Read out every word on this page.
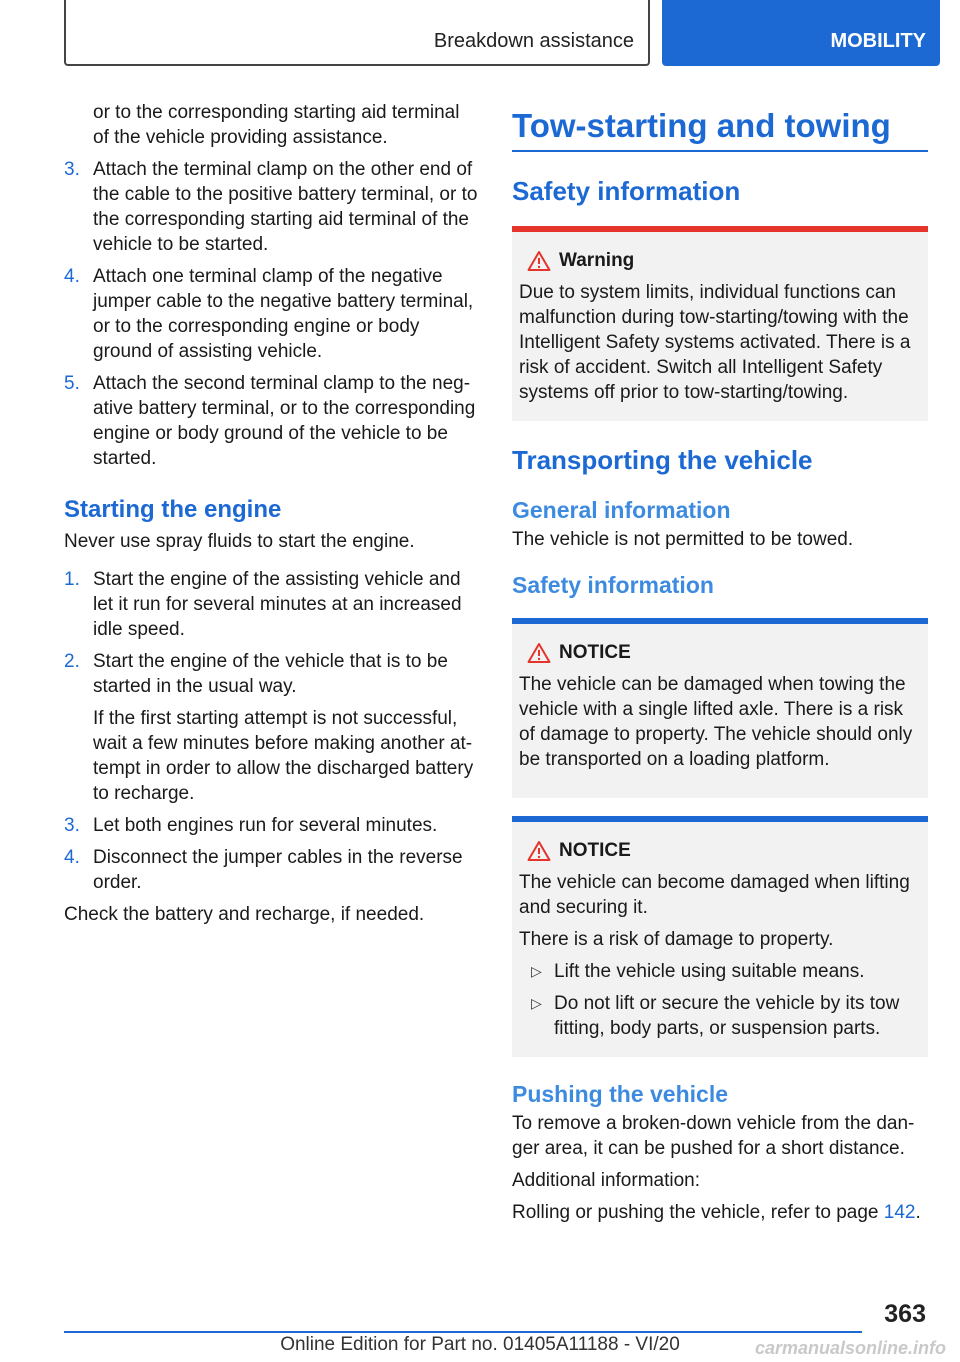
Breakdown assistance	MOBILITY

or to the corresponding starting aid terminal of the vehicle providing assistance.

3. Attach the terminal clamp on the other end of the cable to the positive battery terminal, or to the corresponding starting aid terminal of the vehicle to be started.

4. Attach one terminal clamp of the negative jumper cable to the negative battery terminal, or to the corresponding engine or body ground of assisting vehicle.

5. Attach the second terminal clamp to the neg‐ative battery terminal, or to the corresponding engine or body ground of the vehicle to be started.

Starting the engine

Never use spray fluids to start the engine.

1. Start the engine of the assisting vehicle and let it run for several minutes at an increased idle speed.

2. Start the engine of the vehicle that is to be started in the usual way.

If the first starting attempt is not successful, wait a few minutes before making another at‐tempt in order to allow the discharged battery to recharge.

3. Let both engines run for several minutes.

4. Disconnect the jumper cables in the reverse order.

Check the battery and recharge, if needed.

Tow-starting and towing
Safety information
Warning

Due to system limits, individual functions can malfunction during tow-starting/towing with the Intelligent Safety systems activated. There is a risk of accident. Switch all Intelligent Safety systems off prior to tow-starting/towing.

Transporting the vehicle
General information

The vehicle is not permitted to be towed.

Safety information
NOTICE

The vehicle can be damaged when towing the vehicle with a single lifted axle. There is a risk of damage to property. The vehicle should only be transported on a loading platform.

NOTICE

The vehicle can become damaged when lifting and securing it.

There is a risk of damage to property.

▷ Lift the vehicle using suitable means.
▷ Do not lift or secure the vehicle by its tow fitting, body parts, or suspension parts.
Pushing the vehicle

To remove a broken-down vehicle from the dan‐ger area, it can be pushed for a short distance.

Additional information:

Rolling or pushing the vehicle, refer to page 142.

363
Online Edition for Part no. 01405A11188 - VI/20	carmanualsonline.info
